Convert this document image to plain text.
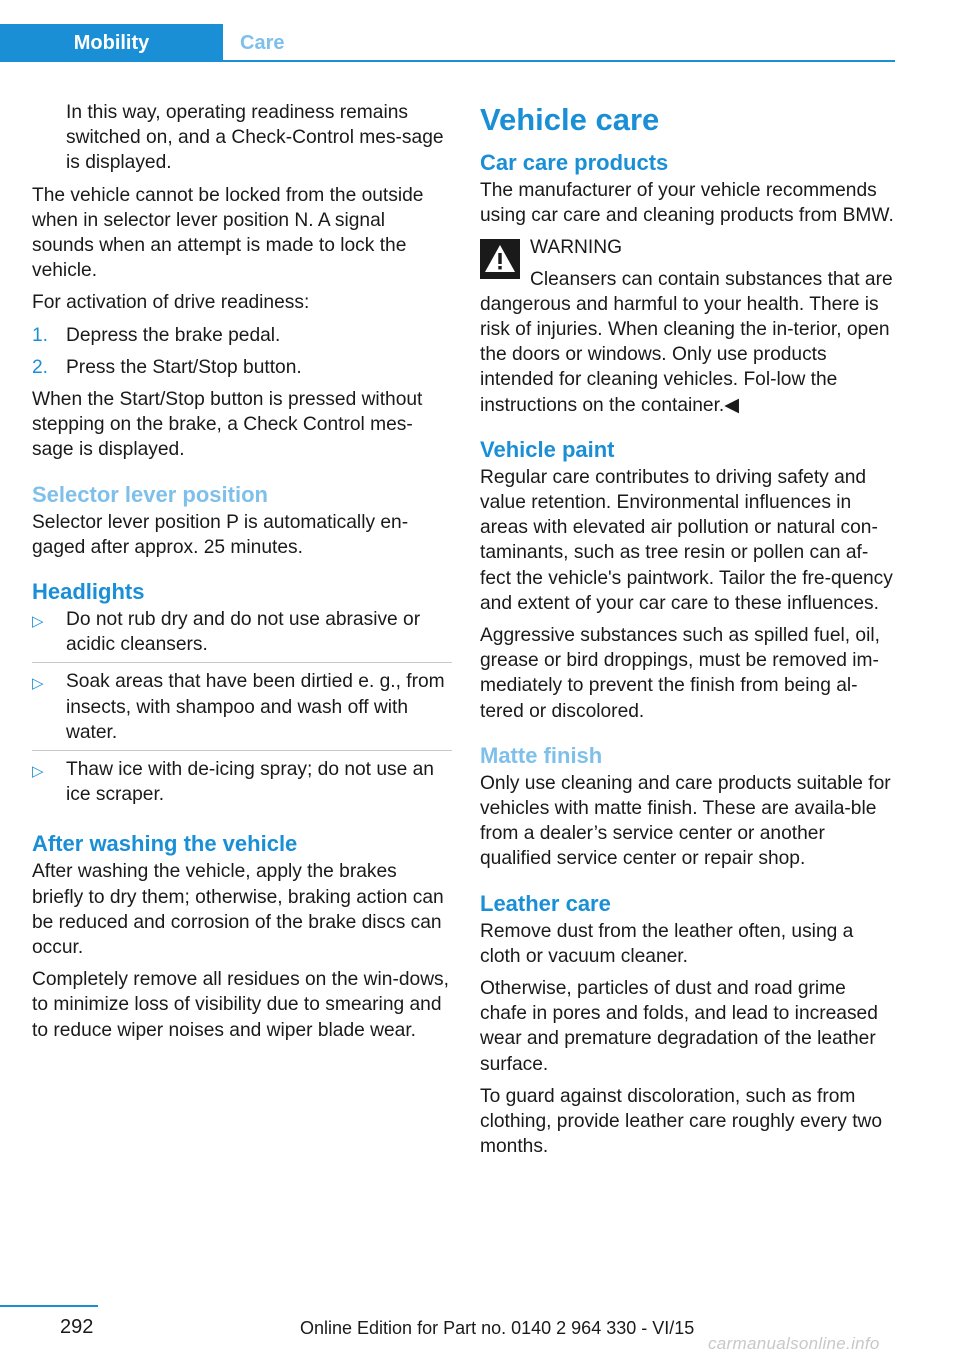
Mobility	Care

In this way, operating readiness remains switched on, and a Check-Control mes‐sage is displayed.

The vehicle cannot be locked from the outside when in selector lever position N. A signal sounds when an attempt is made to lock the vehicle.

For activation of drive readiness:

1. Depress the brake pedal.
2. Press the Start/Stop button.

When the Start/Stop button is pressed without stepping on the brake, a Check Control mes‐sage is displayed.

Selector lever position

Selector lever position P is automatically en‐gaged after approx. 25 minutes.

Headlights
▷ Do not rub dry and do not use abrasive or acidic cleansers.
▷ Soak areas that have been dirtied e. g., from insects, with shampoo and wash off with water.
▷ Thaw ice with de-icing spray; do not use an ice scraper.
After washing the vehicle

After washing the vehicle, apply the brakes briefly to dry them; otherwise, braking action can be reduced and corrosion of the brake discs can occur.

Completely remove all residues on the win‐dows, to minimize loss of visibility due to smearing and to reduce wiper noises and wiper blade wear.

Vehicle care
Car care products

The manufacturer of your vehicle recommends using car care and cleaning products from BMW.

WARNING

Cleansers can contain substances that are dangerous and harmful to your health. There is risk of injuries. When cleaning the in‐terior, open the doors or windows. Only use products intended for cleaning vehicles. Fol‐low the instructions on the container.◀

Vehicle paint

Regular care contributes to driving safety and value retention. Environmental influences in areas with elevated air pollution or natural con‐taminants, such as tree resin or pollen can af‐fect the vehicle's paintwork. Tailor the fre‐quency and extent of your car care to these influences.

Aggressive substances such as spilled fuel, oil, grease or bird droppings, must be removed im‐mediately to prevent the finish from being al‐tered or discolored.

Matte finish

Only use cleaning and care products suitable for vehicles with matte finish. These are availa‐ble from a dealer’s service center or another qualified service center or repair shop.

Leather care

Remove dust from the leather often, using a cloth or vacuum cleaner.

Otherwise, particles of dust and road grime chafe in pores and folds, and lead to increased wear and premature degradation of the leather surface.

To guard against discoloration, such as from clothing, provide leather care roughly every two months.

292	Online Edition for Part no. 0140 2 964 330 - VI/15
carmanualsonline.info
